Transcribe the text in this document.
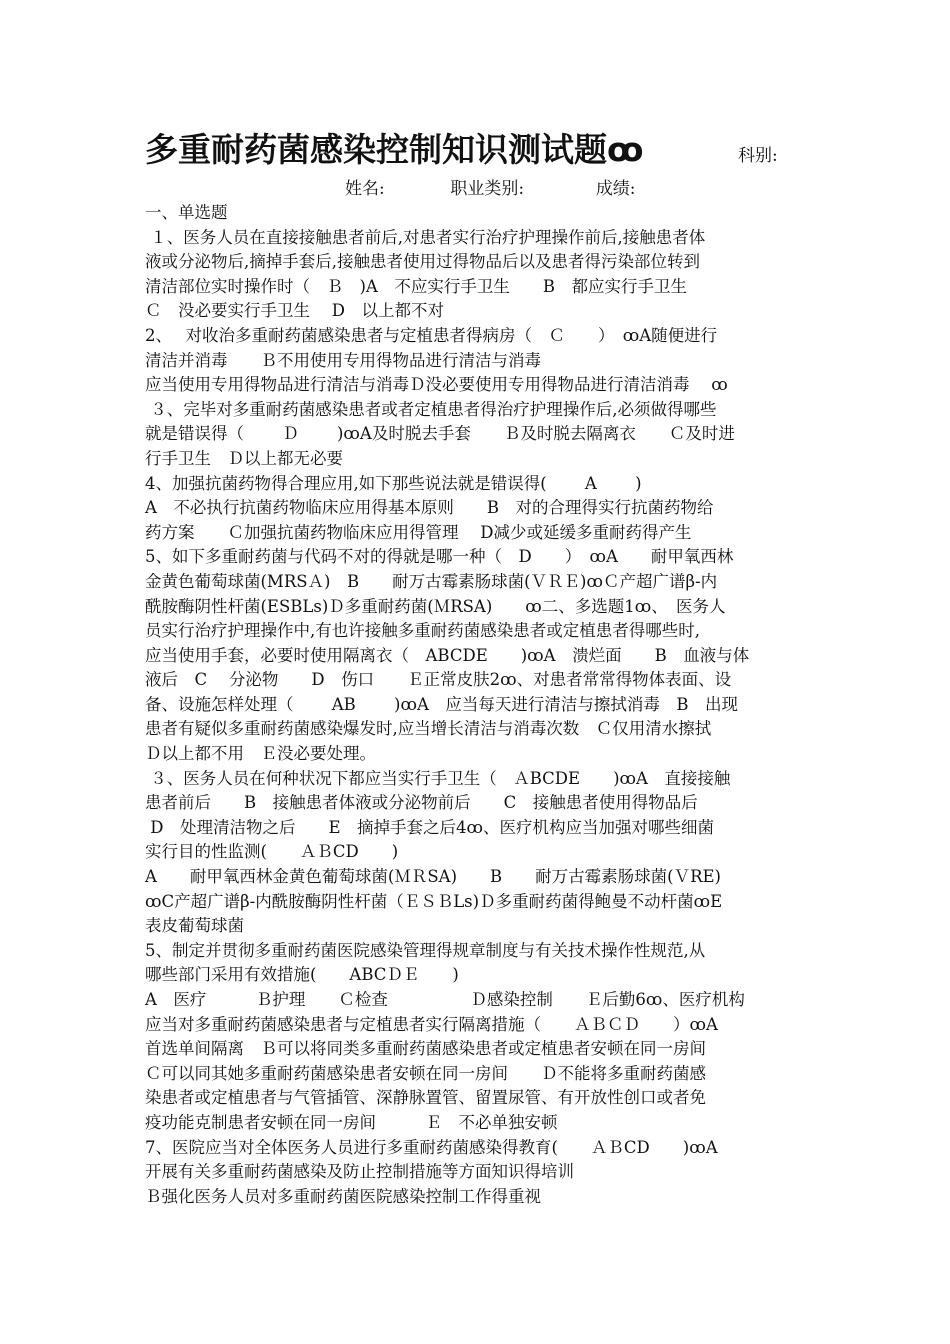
多重耐药菌感染控制知识测试题ꝏ	科别:
姓名:	职业类别:	成绩:
一、单选题
１、医务人员在直接接触患者前后,对患者实行治疗护理操作前后,接触患者体
液或分泌物后,摘掉手套后,接触患者使用过得物品后以及患者得污染部位转到
清洁部位实时操作时（　Ｂ　)A　不应实行手卫生　　B　都应实行手卫生
Ｃ　没必要实行手卫生　 D　以上都不对
2、　 对收治多重耐药菌感染患者与定植患者得病房（　Ｃ　　）　ꝏA随便进行
清洁并消毒　　Ｂ不用使用专用得物品进行清洁与消毒
应当使用专用得物品进行清洁与消毒Ｄ没必要使用专用得物品进行清洁消毒　 ꝏ
３、完毕对多重耐药菌感染患者或者定植患者得治疗护理操作后,必须做得哪些
就是错误得（　　 Ｄ　　 )ꝏA及时脱去手套　　Ｂ及时脱去隔离衣　　Ｃ及时进
行手卫生　Ｄ以上都无必要
4、加强抗菌药物得合理应用,如下那些说法就是错误得(　　 A　　 )
A　不必执行抗菌药物临床应用得基本原则　　B　对的合理得实行抗菌药物给
药方案　　Ｃ加强抗菌药物临床应用得管理　 D减少或延缓多重耐药得产生
5、如下多重耐药菌与代码不对的得就是哪一种（　D　　）　ꝏA　　耐甲氧西林
金黄色葡萄球菌(MRSＡ)　B　　耐万古霉素肠球菌(ＶＲＥ)ꝏＣ产超广谱β-内
酰胺酶阴性杆菌(ESBLs)Ｄ多重耐药菌(ＭRSA)　　ꝏ二、多选题1ꝏ、　医务人
员实行治疗护理操作中,有也许接触多重耐药菌感染患者或定植患者得哪些时,
应当使用手套，必要时使用隔离衣（　ABCDE　　)ꝏA　溃烂面　　B　血液与体
液后　C　 分泌物　　D　伤口　　Ｅ正常皮肤2ꝏ、对患者常常得物体表面、设
备、设施怎样处理（　　 AB　　 )ꝏA　应当每天进行清洁与擦拭消毒　B　出现
患者有疑似多重耐药菌感染爆发时,应当增长清洁与消毒次数　Ｃ仅用清水擦拭
Ｄ以上都不用　Ｅ没必要处理。
３、医务人员在何种状况下都应当实行手卫生（　ＡBCDE　　)ꝏA　直接接触
患者前后　　B　接触患者体液或分泌物前后　　C　接触患者使用得物品后
D　处理清洁物之后　　E　摘掉手套之后4ꝏ、医疗机构应当加强对哪些细菌
实行目的性监测(　　ＡＢCD　　)
A　　耐甲氧西林金黄色葡萄球菌(ＭＲSA)　　B　　耐万古霉素肠球菌(ＶRE)
ꝏC产超广谱β-内酰胺酶阴性杆菌（ＥＳＢLs)Ｄ多重耐药菌得鲍曼不动杆菌ꝏE
表皮葡萄球菌
5、制定并贯彻多重耐药菌医院感染管理得规章制度与有关技术操作性规范,从
哪些部门采用有效措施(　　ABCＤＥ　　)
A　医疗　　　Ｂ护理　　Ｃ检查　　　　　Ｄ感染控制　　Ｅ后勤6ꝏ、医疗机构
应当对多重耐药菌感染患者与定植患者实行隔离措施（　　ＡＢＣＤ　　）ꝏA
首选单间隔离　Ｂ可以将同类多重耐药菌感染患者或定植患者安顿在同一房间
Ｃ可以同其她多重耐药菌感染患者安顿在同一房间　　Ｄ不能将多重耐药菌感
染患者或定植患者与气管插管、深静脉置管、留置尿管、有开放性创口或者免
疫功能克制患者安顿在同一房间　　　Ｅ　不必单独安顿
7、医院应当对全体医务人员进行多重耐药菌感染得教育(　　ＡＢCD　　)ꝏA
开展有关多重耐药菌感染及防止控制措施等方面知识得培训
Ｂ强化医务人员对多重耐药菌医院感染控制工作得重视
